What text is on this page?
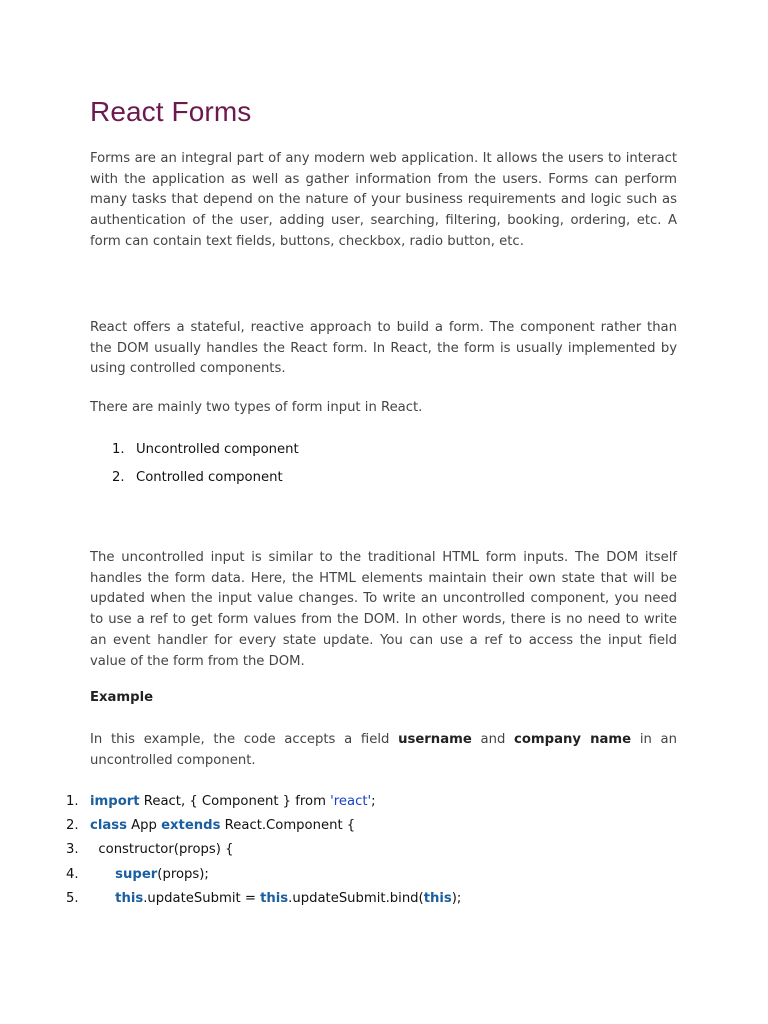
React Forms

Forms are an integral part of any modern web application. It allows the users to interact with the application as well as gather information from the users. Forms can perform many tasks that depend on the nature of your business requirements and logic such as authentication of the user, adding user, searching, filtering, booking, ordering, etc. A form can contain text fields, buttons, checkbox, radio button, etc.

React offers a stateful, reactive approach to build a form. The component rather than the DOM usually handles the React form. In React, the form is usually implemented by using controlled components.

There are mainly two types of form input in React.

1. Uncontrolled component
2. Controlled component

The uncontrolled input is similar to the traditional HTML form inputs. The DOM itself handles the form data. Here, the HTML elements maintain their own state that will be updated when the input value changes. To write an uncontrolled component, you need to use a ref to get form values from the DOM. In other words, there is no need to write an event handler for every state update. You can use a ref to access the input field value of the form from the DOM.

Example

In this example, the code accepts a field username and company name in an uncontrolled component.

1. import React, { Component } from 'react';
2. class App extends React.Component {
3.  constructor(props) {
4.	super(props);
5.	this.updateSubmit = this.updateSubmit.bind(this);
